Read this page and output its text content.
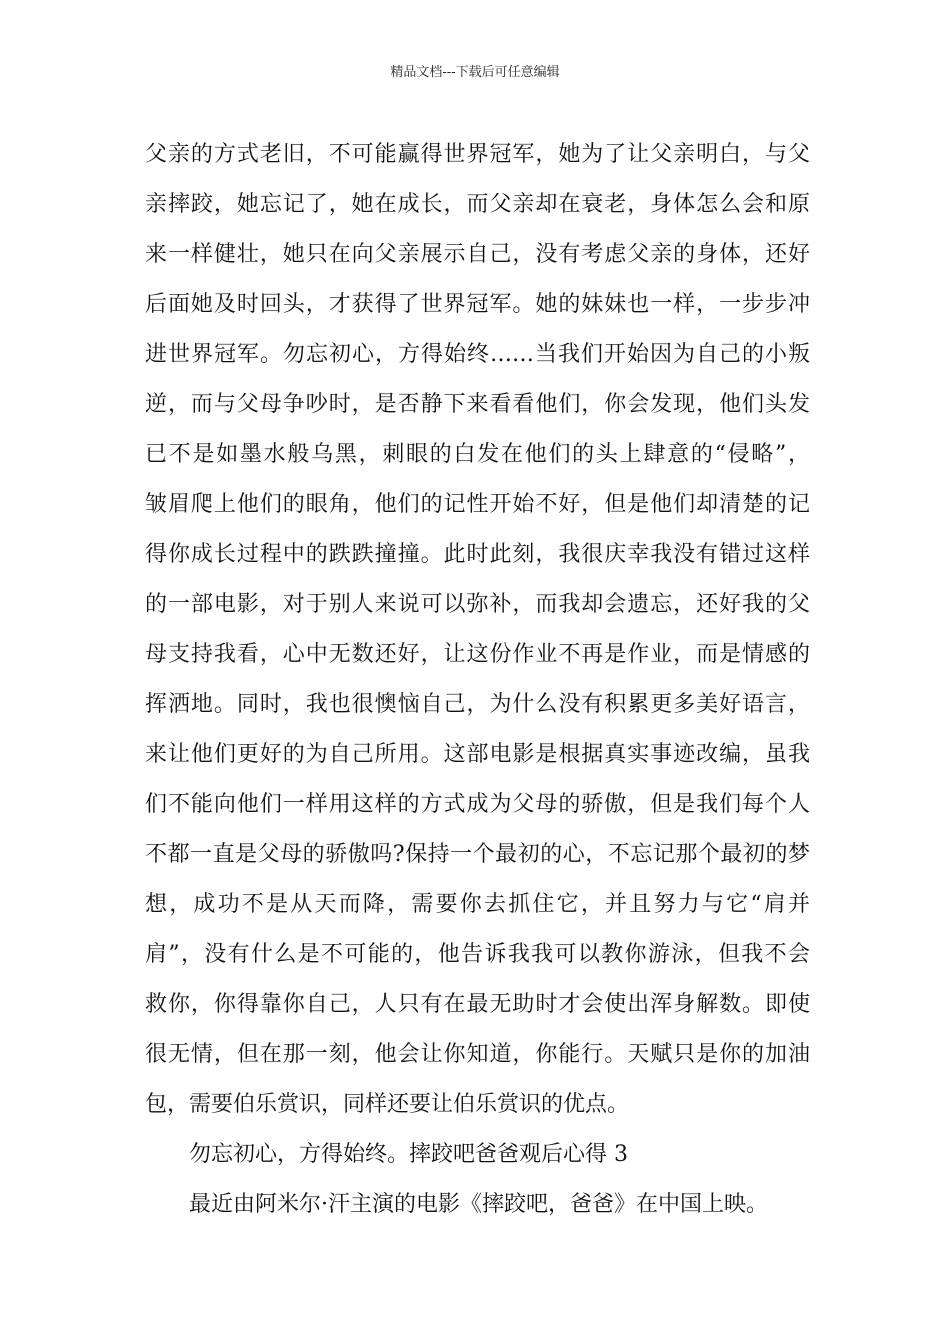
精品文档---下载后可任意编辑
父亲的方式老旧，不可能赢得世界冠军，她为了让父亲明白，与父
亲摔跤，她忘记了，她在成长，而父亲却在衰老，身体怎么会和原
来一样健壮，她只在向父亲展示自己，没有考虑父亲的身体，还好
后面她及时回头，才获得了世界冠军。她的妹妹也一样，一步步冲
进世界冠军。勿忘初心，方得始终……当我们开始因为自己的小叛
逆，而与父母争吵时，是否静下来看看他们，你会发现，他们头发
已不是如墨水般乌黑，刺眼的白发在他们的头上肆意的“侵略”，
皱眉爬上他们的眼角，他们的记性开始不好，但是他们却清楚的记
得你成长过程中的跌跌撞撞。此时此刻，我很庆幸我没有错过这样
的一部电影，对于别人来说可以弥补，而我却会遗忘，还好我的父
母支持我看，心中无数还好，让这份作业不再是作业，而是情感的
挥洒地。同时，我也很懊恼自己，为什么没有积累更多美好语言，
来让他们更好的为自己所用。这部电影是根据真实事迹改编，虽我
们不能向他们一样用这样的方式成为父母的骄傲，但是我们每个人
不都一直是父母的骄傲吗?保持一个最初的心，不忘记那个最初的梦
想，成功不是从天而降，需要你去抓住它，并且努力与它“肩并
肩”，没有什么是不可能的，他告诉我我可以教你游泳，但我不会
救你，你得靠你自己，人只有在最无助时才会使出浑身解数。即使
很无情，但在那一刻，他会让你知道，你能行。天赋只是你的加油
包，需要伯乐赏识，同样还要让伯乐赏识的优点。
勿忘初心，方得始终。摔跤吧爸爸观后心得 3
最近由阿米尔·汗主演的电影《摔跤吧，爸爸》在中国上映。
